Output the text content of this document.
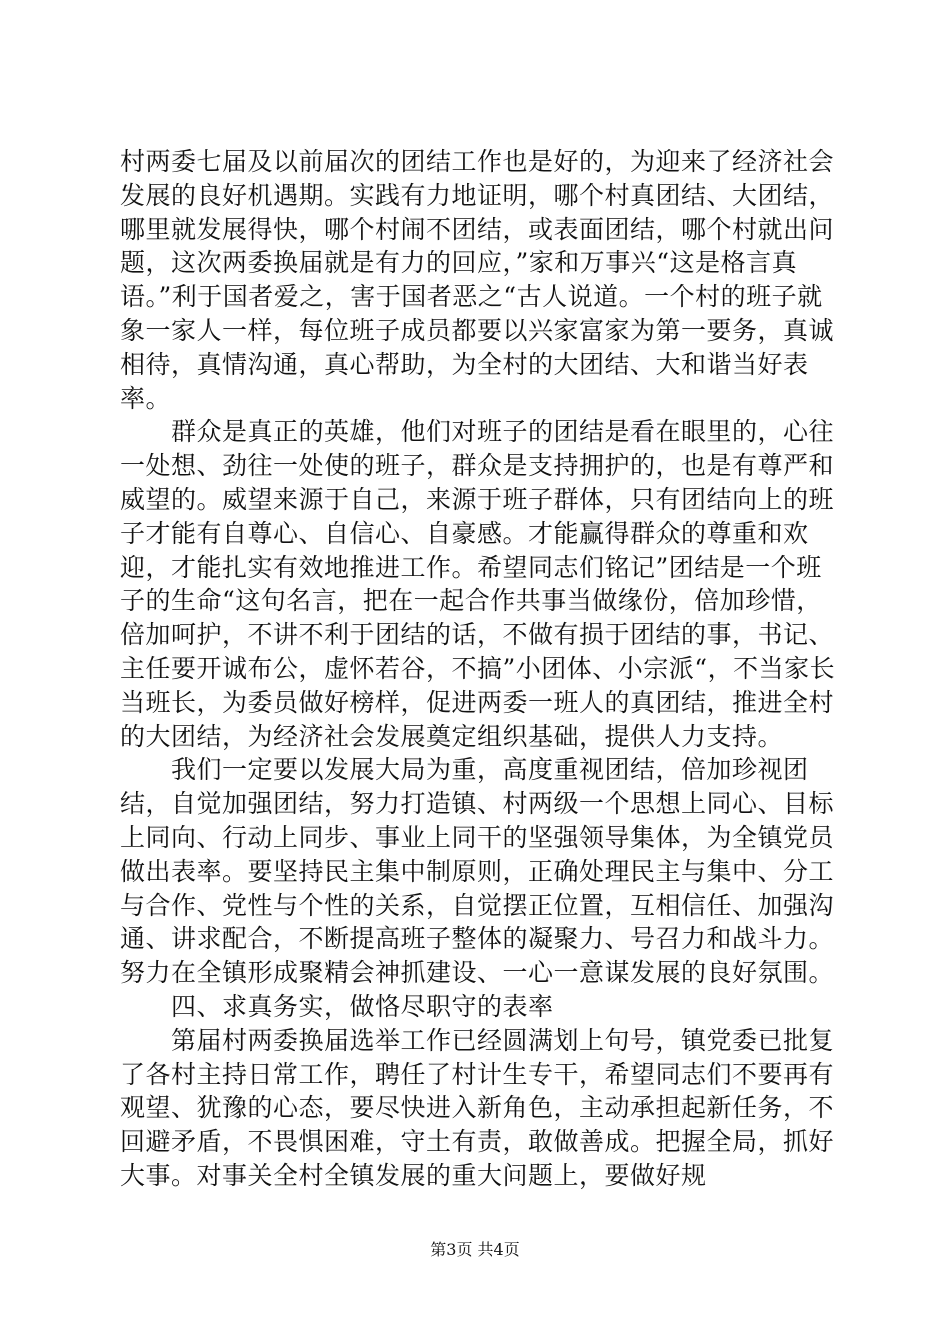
村两委七届及以前届次的团结工作也是好的，为迎来了经济社会发展的良好机遇期。实践有力地证明，哪个村真团结、大团结，哪里就发展得快，哪个村闹不团结，或表面团结，哪个村就出问题，这次两委换届就是有力的回应，”家和万事兴“这是格言真语。”利于国者爱之，害于国者恶之“古人说道。一个村的班子就象一家人一样，每位班子成员都要以兴家富家为第一要务，真诚相待，真情沟通，真心帮助，为全村的大团结、大和谐当好表率。

　　群众是真正的英雄，他们对班子的团结是看在眼里的，心往一处想、劲往一处使的班子，群众是支持拥护的，也是有尊严和威望的。威望来源于自己，来源于班子群体，只有团结向上的班子才能有自尊心、自信心、自豪感。才能赢得群众的尊重和欢迎，才能扎实有效地推进工作。希望同志们铭记”团结是一个班子的生命“这句名言，把在一起合作共事当做缘份，倍加珍惜，倍加呵护，不讲不利于团结的话，不做有损于团结的事，书记、主任要开诚布公，虚怀若谷，不搞”小团体、小宗派“，不当家长当班长，为委员做好榜样，促进两委一班人的真团结，推进全村的大团结，为经济社会发展奠定组织基础，提供人力支持。

　　我们一定要以发展大局为重，高度重视团结，倍加珍视团结，自觉加强团结，努力打造镇、村两级一个思想上同心、目标上同向、行动上同步、事业上同干的坚强领导集体，为全镇党员做出表率。要坚持民主集中制原则，正确处理民主与集中、分工与合作、党性与个性的关系，自觉摆正位置，互相信任、加强沟通、讲求配合，不断提高班子整体的凝聚力、号召力和战斗力。努力在全镇形成聚精会神抓建设、一心一意谋发展的良好氛围。

　　四、求真务实，做恪尽职守的表率

　　第届村两委换届选举工作已经圆满划上句号，镇党委已批复了各村主持日常工作，聘任了村计生专干，希望同志们不要再有观望、犹豫的心态，要尽快进入新角色，主动承担起新任务，不回避矛盾，不畏惧困难，守土有责，敢做善成。把握全局，抓好大事。对事关全村全镇发展的重大问题上，要做好规

第3页 共4页
